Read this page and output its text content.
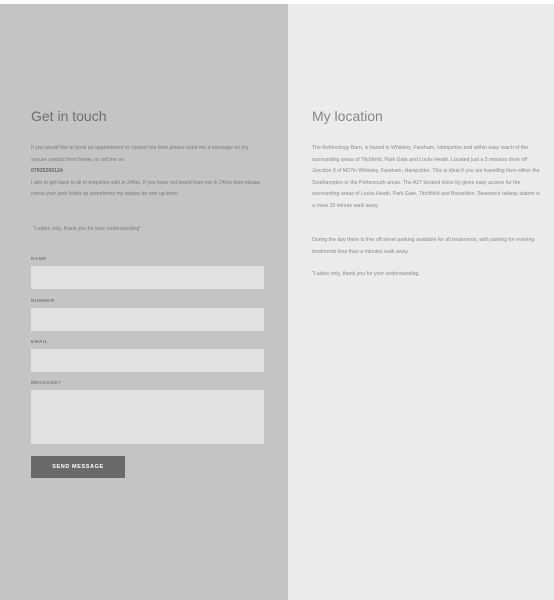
Get in touch
If you would like to book an appointment or contact me then please send me a message on my secure contact form below, or call me on
07935205124
I aim to get back to all in enquiries with in 24hrs. If you have not heard from me in 24hrs then please check your junk folder as sometimes my replies do end up there.
"Ladies only, thank you for your understanding"
NAME
NUMBER
EMAIL
MESSAGE?
SEND MESSAGE
My location

The Reflexology Barn, is based in Whiteley, Fareham, Hampshire and within easy reach of the surrounding areas of Titchfield, Park Gate and Locks Heath. Located just a 5 minutes drive off Junction 9 of M27in Whiteley, Fareham, Hampshire. This is ideal if you are travelling from either the Southampton or the Portsmouth areas. The A27 located close by gives easy access for the surrounding areas of Locks Heath, Park Gate, Titchfield and Burseldon. Swanwick railway station is a mere 20 minute walk away.

During the day there is free off street parking available for all treatments, with parking for evening treatments less than a minutes walk away.

"Ladies only, thank you for your understanding.
